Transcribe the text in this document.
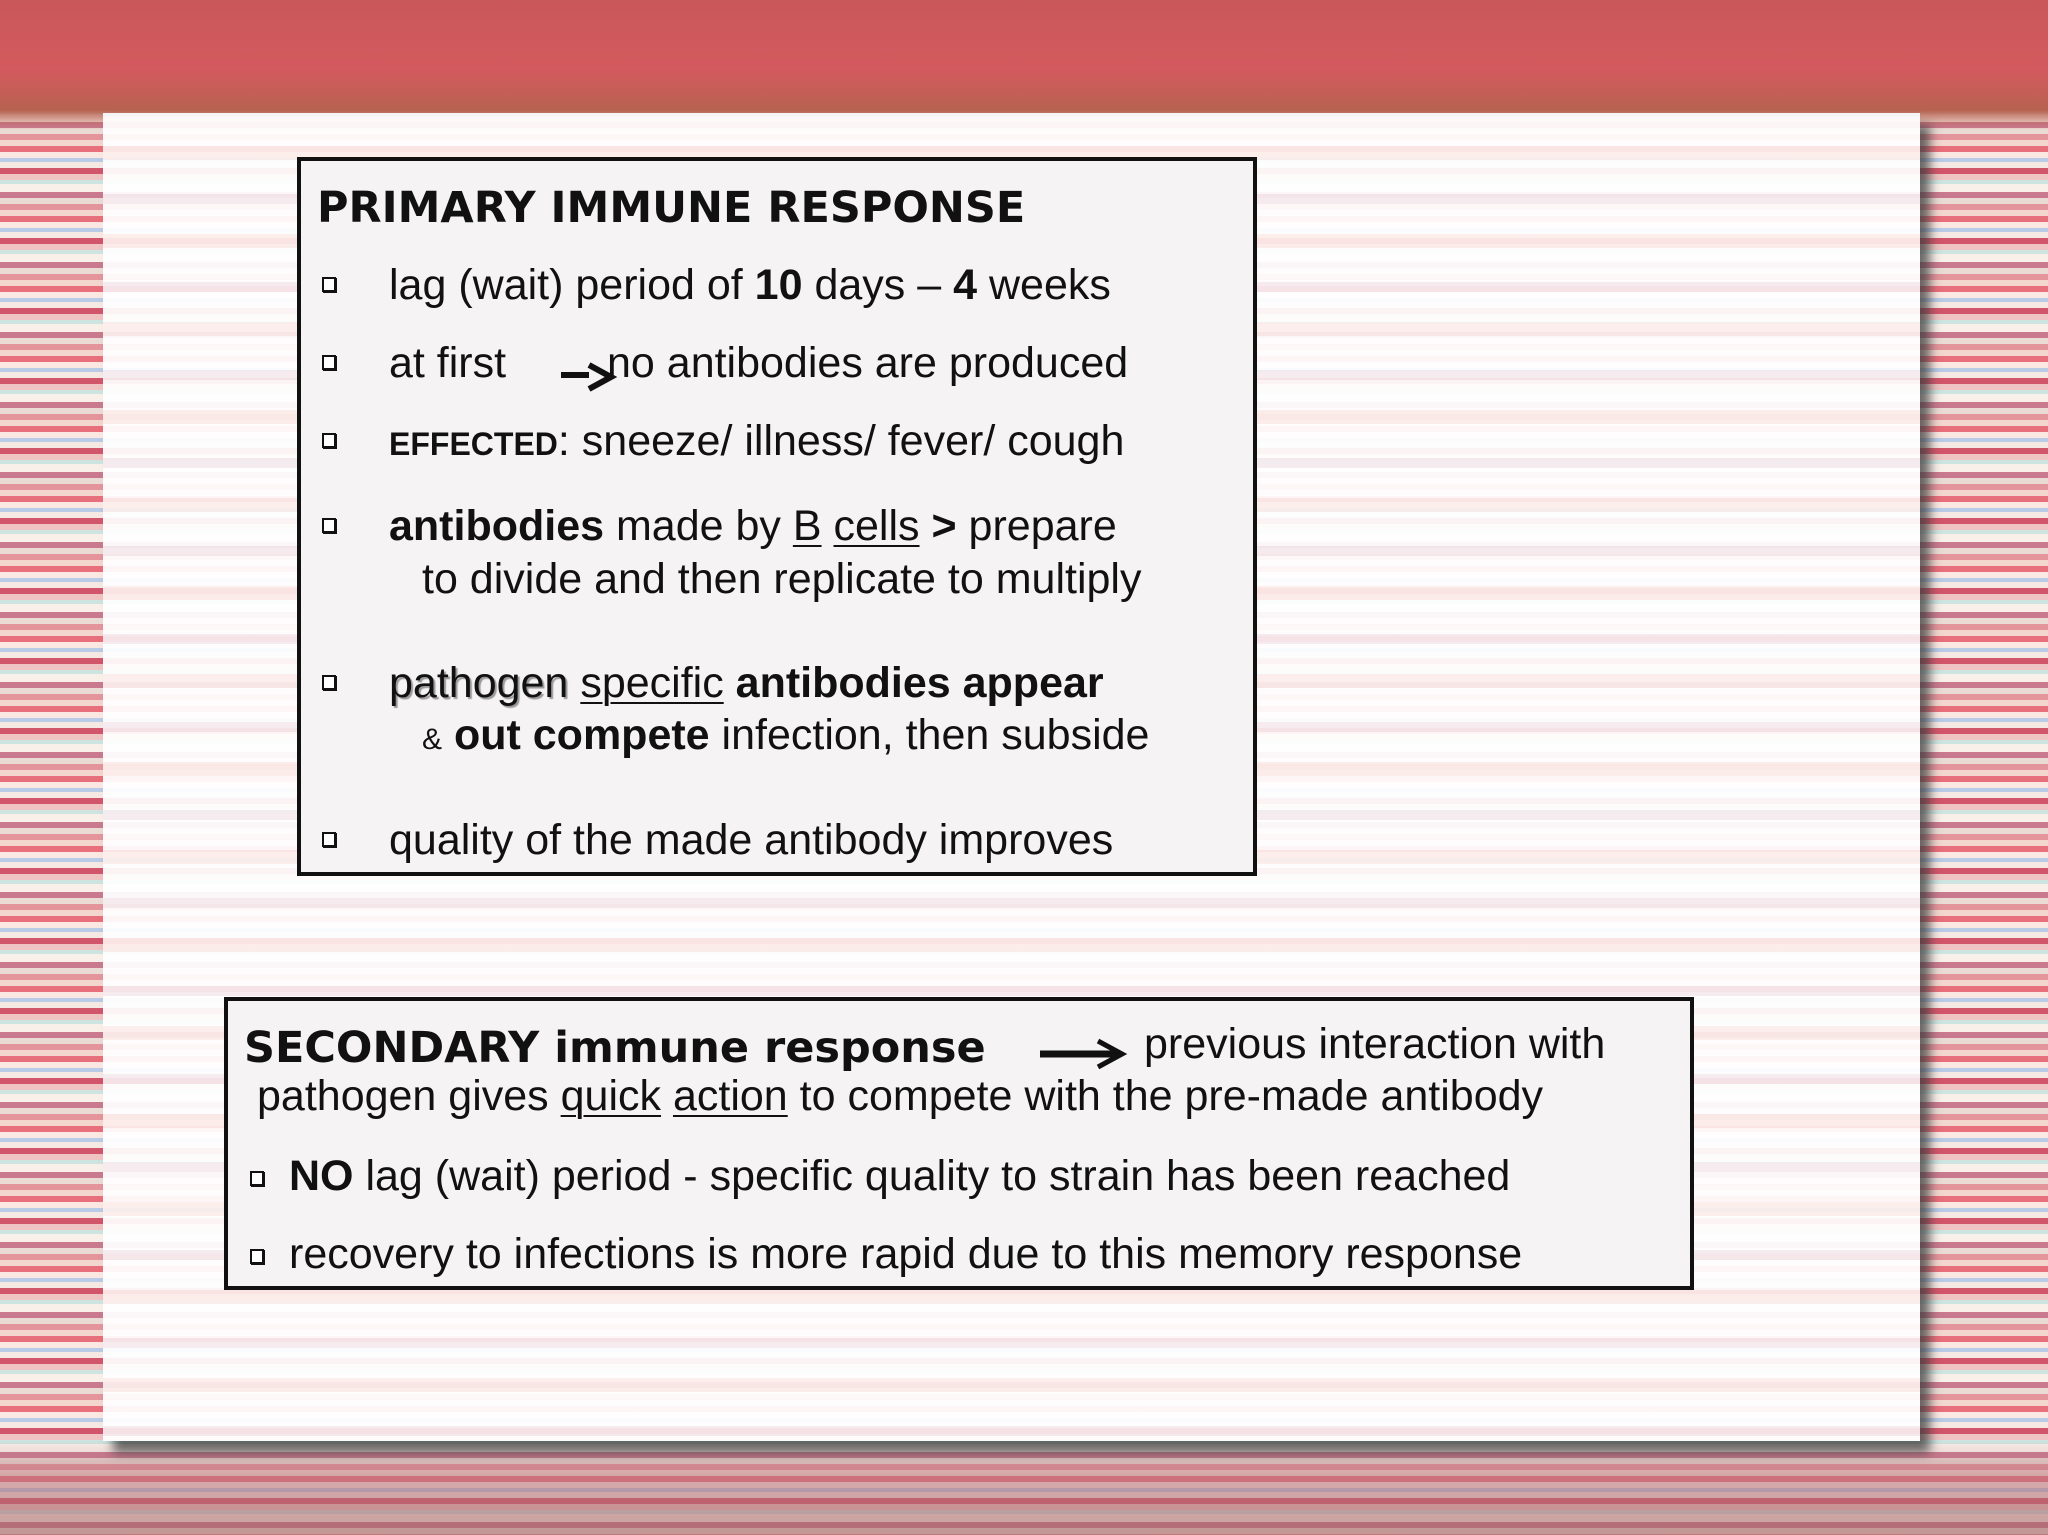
PRIMARY IMMUNE RESPONSE
lag (wait) period of 10 days – 4 weeks
at first no antibodies are produced
EFFECTED: sneeze/ illness/ fever/ cough
antibodies made by B cells > prepare
to divide and then replicate to multiply
pathogen specific antibodies appear
& out compete infection, then subside
quality of the made antibody improves
SECONDARY immune response	previous interaction with
pathogen gives quick action to compete with the pre-made antibody
NO lag (wait) period - specific quality to strain has been reached
recovery to infections is more rapid due to this memory response
